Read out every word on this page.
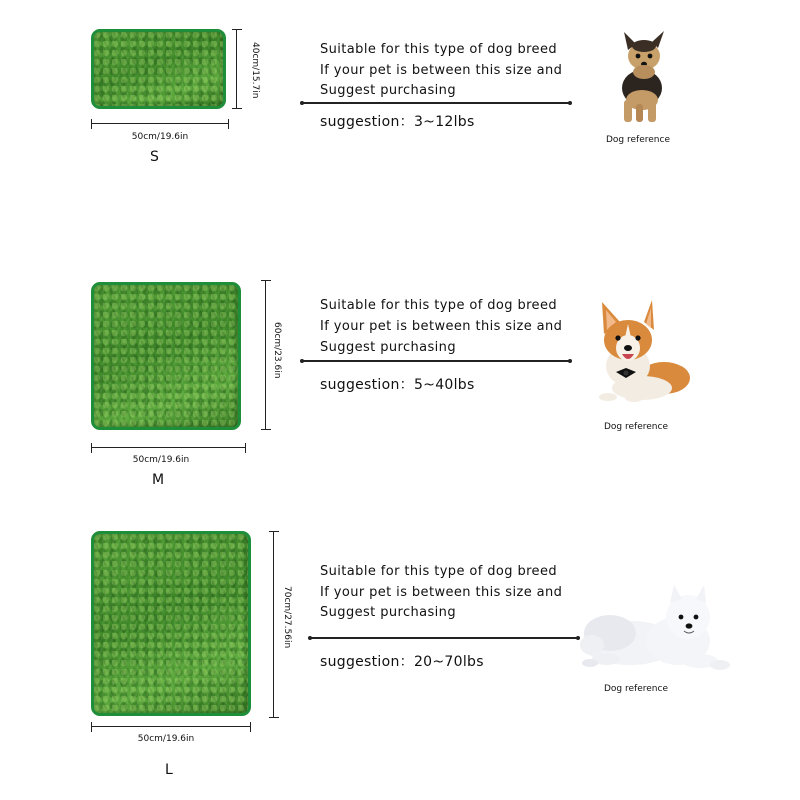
40cm/15.7in
50cm/19.6in
S
Suitable for this type of dog breed
If your pet is between this size and
Suggest purchasing
suggestion：3~12lbs
Dog reference
60cm/23.6in
50cm/19.6in
M
Suitable for this type of dog breed
If your pet is between this size and
Suggest purchasing
suggestion：5~40lbs
Dog reference
70cm/27.56in
50cm/19.6in
L
Suitable for this type of dog breed
If your pet is between this size and
Suggest purchasing
suggestion：20~70lbs
Dog reference
